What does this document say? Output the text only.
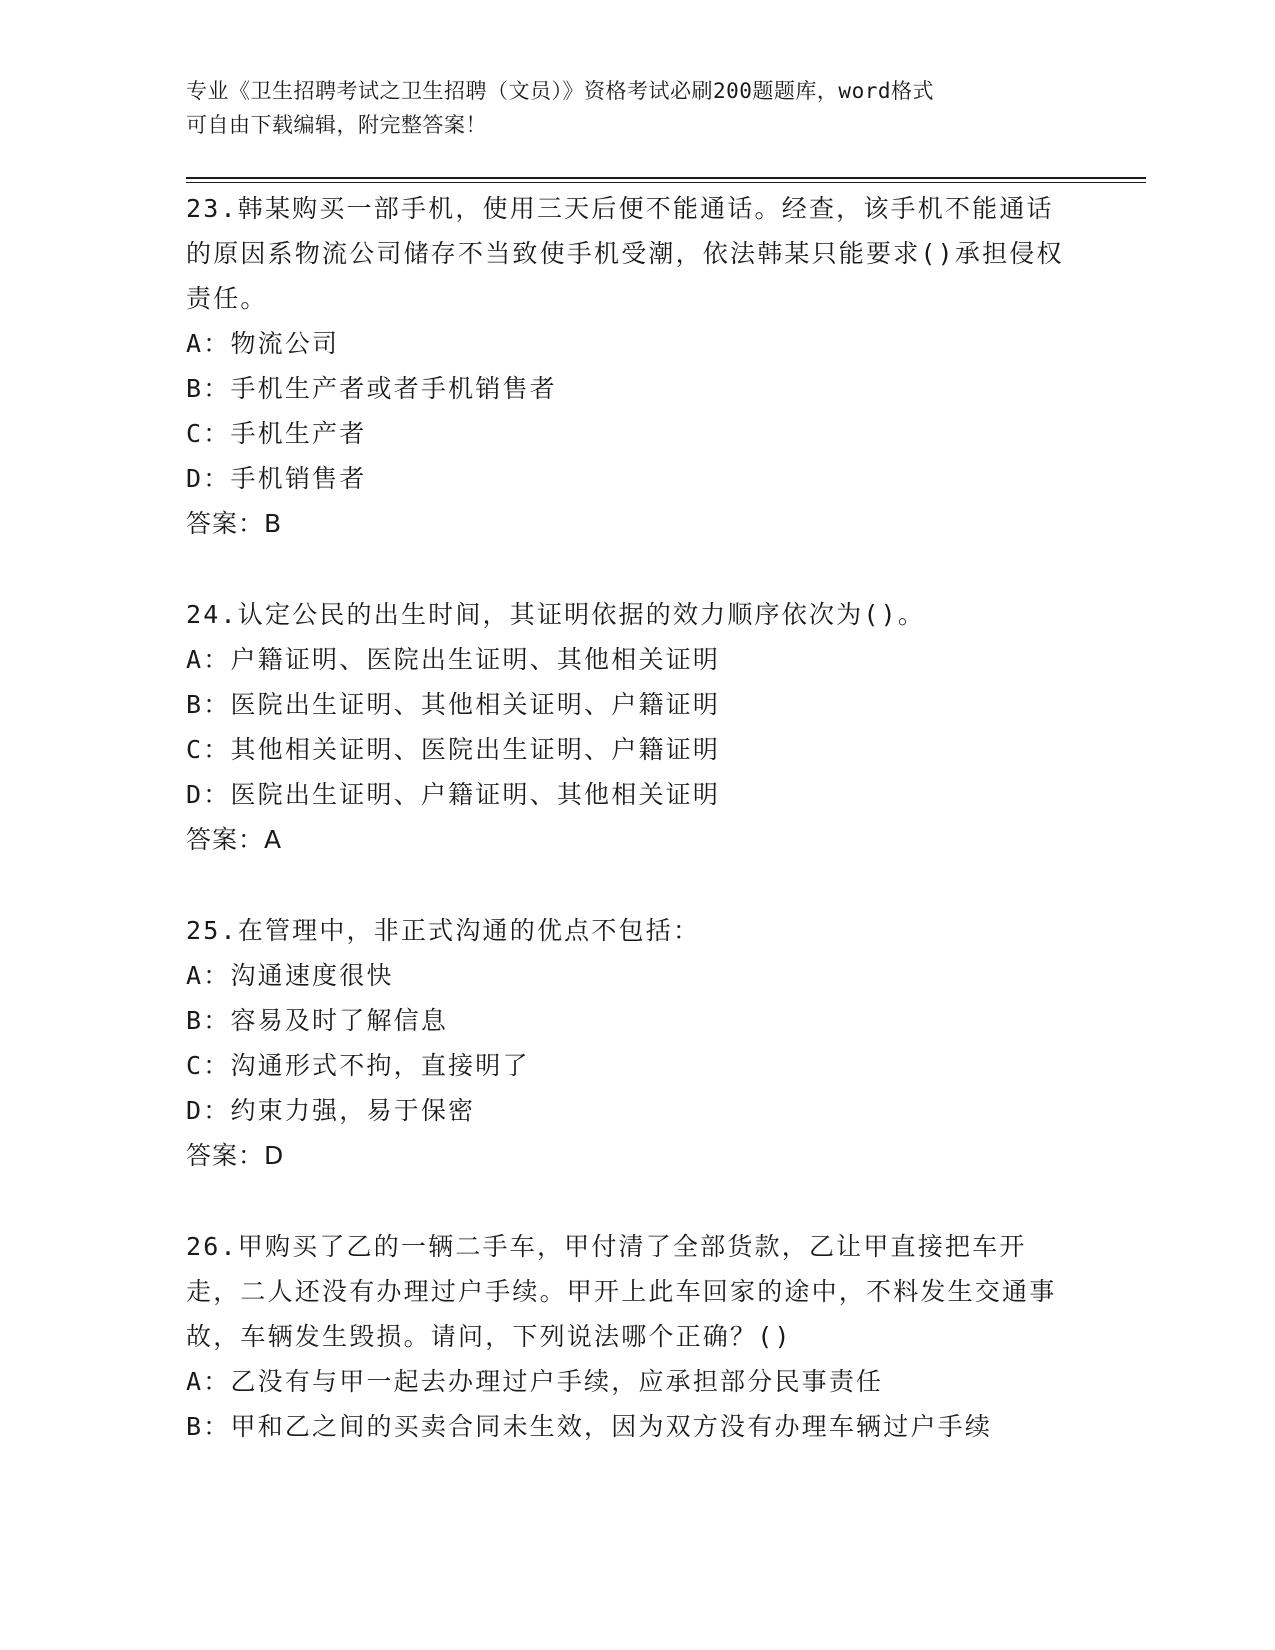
专业《卫生招聘考试之卫生招聘（文员）》资格考试必刷200题题库，word格式
可自由下载编辑，附完整答案！

23.韩某购买一部手机，使用三天后便不能通话。经查，该手机不能通话的原因系物流公司储存不当致使手机受潮，依法韩某只能要求()承担侵权责任。

A：物流公司

B：手机生产者或者手机销售者

C：手机生产者

D：手机销售者

答案：B

24.认定公民的出生时间，其证明依据的效力顺序依次为()。

A：户籍证明、医院出生证明、其他相关证明

B：医院出生证明、其他相关证明、户籍证明

C：其他相关证明、医院出生证明、户籍证明

D：医院出生证明、户籍证明、其他相关证明

答案：A

25.在管理中，非正式沟通的优点不包括：

A：沟通速度很快

B：容易及时了解信息

C：沟通形式不拘，直接明了

D：约束力强，易于保密

答案：D

26.甲购买了乙的一辆二手车，甲付清了全部货款，乙让甲直接把车开走，二人还没有办理过户手续。甲开上此车回家的途中，不料发生交通事故，车辆发生毁损。请问，下列说法哪个正确？()

A：乙没有与甲一起去办理过户手续，应承担部分民事责任

B：甲和乙之间的买卖合同未生效，因为双方没有办理车辆过户手续
